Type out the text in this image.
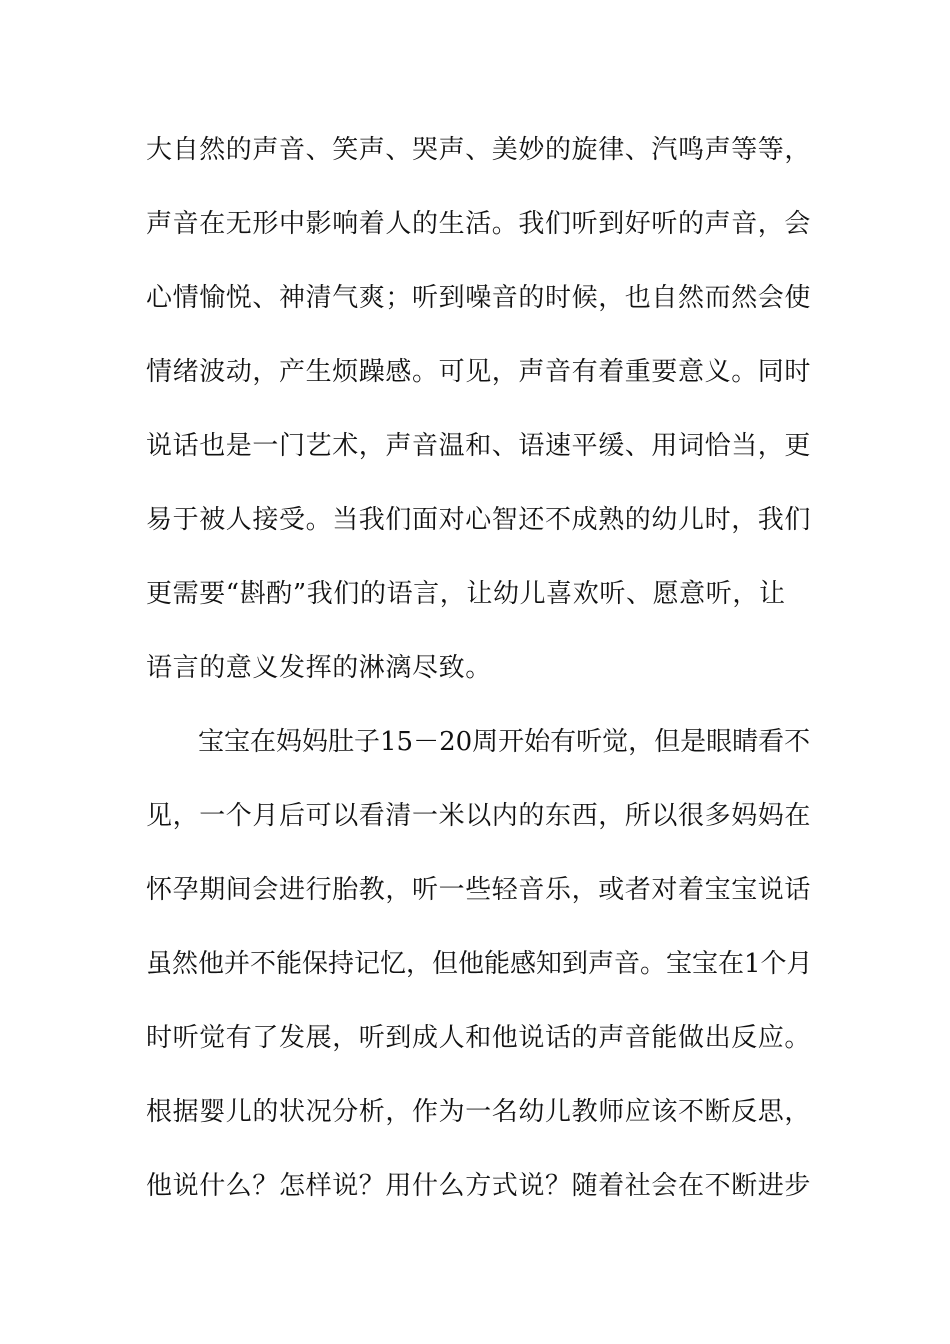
大自然的声音、笑声、哭声、美妙的旋律、汽鸣声等等，
声音在无形中影响着人的生活。我们听到好听的声音，会
心情愉悦、神清气爽；听到噪音的时候，也自然而然会使
情绪波动，产生烦躁感。可见，声音有着重要意义。同时
说话也是一门艺术，声音温和、语速平缓、用词恰当，更
易于被人接受。当我们面对心智还不成熟的幼儿时，我们
更需要“斟酌”我们的语言，让幼儿喜欢听、愿意听，让
语言的意义发挥的淋漓尽致。
宝宝在妈妈肚子15－20周开始有听觉，但是眼睛看不
见，一个月后可以看清一米以内的东西，所以很多妈妈在
怀孕期间会进行胎教，听一些轻音乐，或者对着宝宝说话
虽然他并不能保持记忆，但他能感知到声音。宝宝在1个月
时听觉有了发展，听到成人和他说话的声音能做出反应。
根据婴儿的状况分析，作为一名幼儿教师应该不断反思，
他说什么？怎样说？用什么方式说？随着社会在不断进步
